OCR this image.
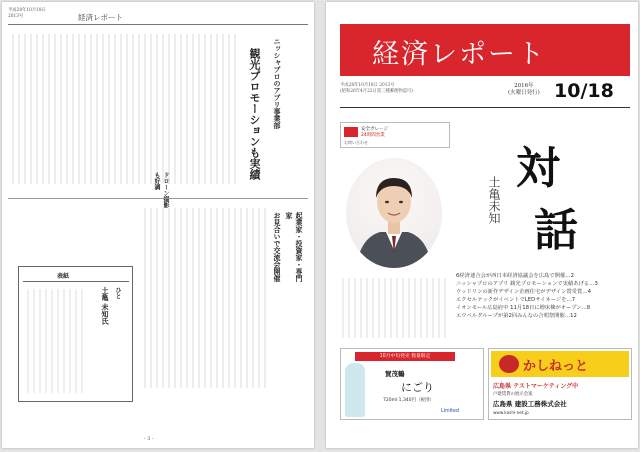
平成28年10月18日
2013号	経済レポート
ニッシャプロのアプリ事業部
観光プロモーションも実績
ドローン撮影も好調
起業家・投資家・専門家
お見合いで交流会開催
表紙
ひと
土亀 未知氏
- 3 -
経済レポート
平成28年10月18日 2013号
(昭和26年4月22日第三種郵便物認可)
2016年
(火曜日発行) 10/18
安全ガレージ
24時間営業
お問い合わせ
対
話
土亀未知
6経済連合会が西日本経済協議会を広島で開催…2
ニッシャプロのアプリ 観光プロモーションで実績あげる…3
ウッドリンの新作デザイン企画住宅がデザイン賞受賞…4
エクセルテックがイベントでLEDサイネージを…7
イオンモール広島府中 11月18日に増床棟がオープン…8
エウベルグループが第2回みんなの合唱祭開催…12
10月中旬発売 数量限定
賀茂鶴
にごり
720ml 1,340円（税別）
Limited
かしねっと
広島県 テストマーケティング中
戸建賃貸の展示会案
広島県 建設工務株式会社
www.kashi-net.jp
